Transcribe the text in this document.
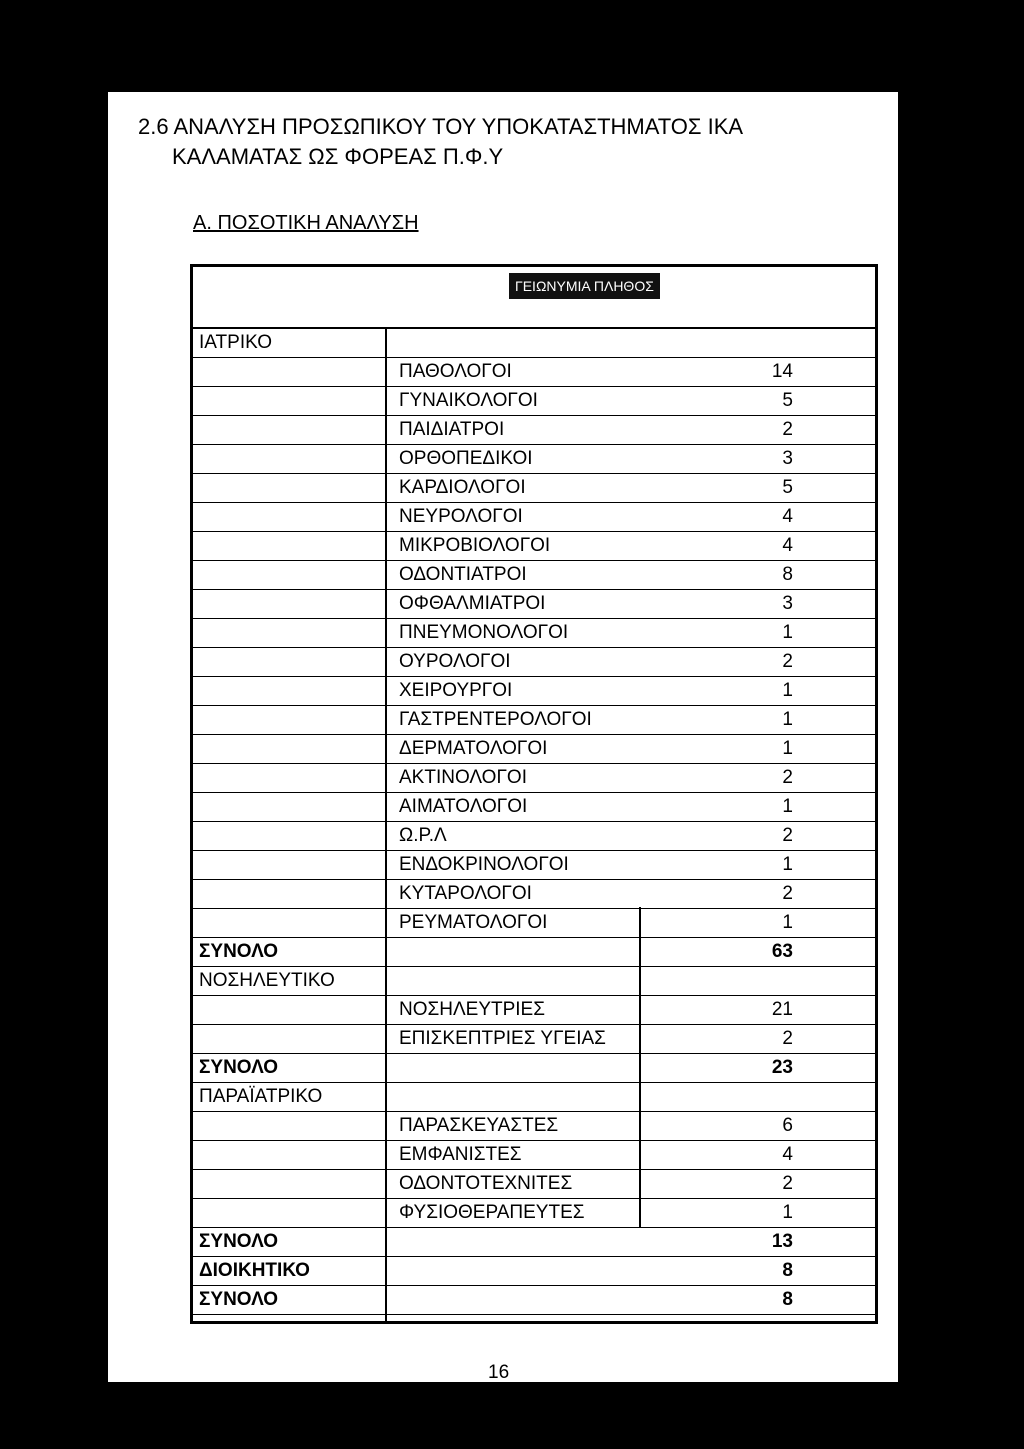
2.6 ΑΝΑΛΥΣΗ ΠΡΟΣΩΠΙΚΟΥ ΤΟΥ ΥΠΟΚΑΤΑΣΤΗΜΑΤΟΣ ΙΚΑ
ΚΑΛΑΜΑΤΑΣ ΩΣ ΦΟΡΕΑΣ Π.Φ.Υ
Α. ΠΟΣΟΤΙΚΗ ΑΝΑΛΥΣΗ
ΓΕΙΩΝΥΜΙΑ ΠΛΗΘΟΣ
ΙΑΤΡΙΚΟ
ΠΑΘΟΛΟΓΟΙ	14
ΓΥΝΑΙΚΟΛΟΓΟΙ	5
ΠΑΙΔΙΑΤΡΟΙ	2
ΟΡΘΟΠΕΔΙΚΟΙ	3
ΚΑΡΔΙΟΛΟΓΟΙ	5
ΝΕΥΡΟΛΟΓΟΙ	4
ΜΙΚΡΟΒΙΟΛΟΓΟΙ	4
ΟΔΟΝΤΙΑΤΡΟΙ	8
ΟΦΘΑΛΜΙΑΤΡΟΙ	3
ΠΝΕΥΜΟΝΟΛΟΓΟΙ	1
ΟΥΡΟΛΟΓΟΙ	2
ΧΕΙΡΟΥΡΓΟΙ	1
ΓΑΣΤΡΕΝΤΕΡΟΛΟΓΟΙ	1
ΔΕΡΜΑΤΟΛΟΓΟΙ	1
ΑΚΤΙΝΟΛΟΓΟΙ	2
ΑΙΜΑΤΟΛΟΓΟΙ	1
Ω.Ρ.Λ	2
ΕΝΔΟΚΡΙΝΟΛΟΓΟΙ	1
ΚΥΤΑΡΟΛΟΓΟΙ	2
ΡΕΥΜΑΤΟΛΟΓΟΙ	1
ΣΥΝΟΛΟ	63
ΝΟΣΗΛΕΥΤΙΚΟ
ΝΟΣΗΛΕΥΤΡΙΕΣ	21
ΕΠΙΣΚΕΠΤΡΙΕΣ ΥΓΕΙΑΣ	2
ΣΥΝΟΛΟ	23
ΠΑΡΑΪΑΤΡΙΚΟ
ΠΑΡΑΣΚΕΥΑΣΤΕΣ	6
ΕΜΦΑΝΙΣΤΕΣ	4
ΟΔΟΝΤΟΤΕΧΝΙΤΕΣ	2
ΦΥΣΙΟΘΕΡΑΠΕΥΤΕΣ	1
ΣΥΝΟΛΟ	13
ΔΙΟΙΚΗΤΙΚΟ	8
ΣΥΝΟΛΟ	8
16
